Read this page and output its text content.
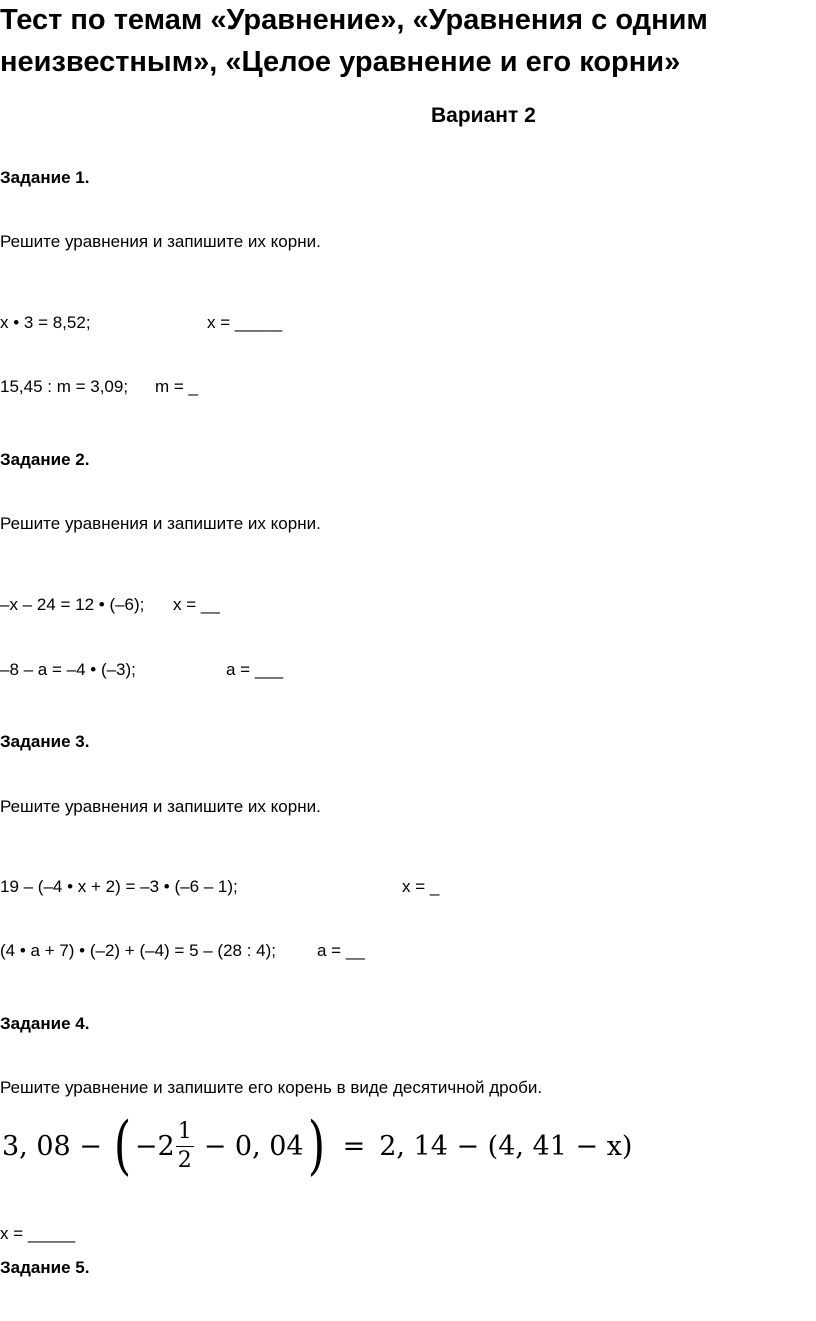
Тест по темам «Уравнение», «Уравнения с одним
неизвестным», «Целое уравнение и его корни»
Вариант 2
Задание 1.
Решите уравнения и запишите их корни.
x • 3 = 8,52;	x = _____
15,45 : m = 3,09; m = _
Задание 2.
Решите уравнения и запишите их корни.
–x – 24 = 12 • (–6); x = __
–8 – a = –4 • (–3);	a = ___
Задание 3.
Решите уравнения и запишите их корни.
19 – (–4 • x + 2) = –3 • (–6 – 1);	x = _
(4 • a + 7) • (–2) + (–4) = 5 – (28 : 4); a = __
Задание 4.
Решите уравнение и запишите его корень в виде десятичной дроби.
3, 08 − ( $-2 \frac{1}{2} - 0$, 04 ) = 2, 14 − (4, 41 − x)
x = _____
Задание 5.
